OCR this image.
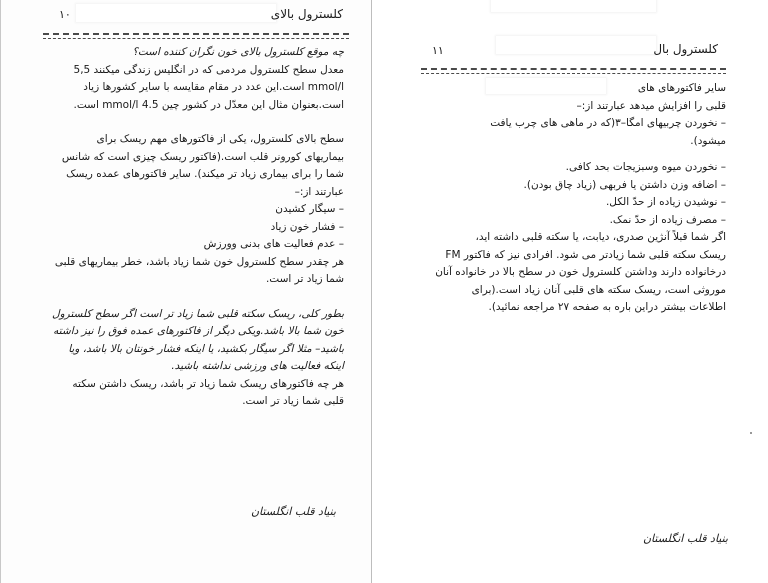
۱۰	کلسترول بالای

چه موقع کلسترول بالای خون نگران کننده است؟

معدل سطح کلسترول مردمی که در انگلیس زندگی میکنند 5,5

mmol/l است.این عدد در مقام مقایسه با سایر کشورها زیاد

است.بعنوان مثال این معدّل در کشور چین 4.5 mmol/l است.

سطح بالای کلسترول، یکی از فاکتورهای مهم ریسک برای

بیماریهای کورونر قلب است.(فاکتور ریسک چیزی است که شانس

شما را برای بیماری زیاد تر میکند). سایر فاکتورهای عمده ریسک

عبارتند از:–

– سیگار کشیدن

– فشار خون زیاد

– عدم فعالیت های بدنی وورزش

هر چقدر سطح کلسترول خون شما زیاد باشد، خطر بیماریهای قلبی

شما زیاد تر است.

بطور کلی، ریسک سکته قلبی شما زیاد تر است اگر سطح کلسترول

خون شما بالا باشد.ویکی دیگر از فاکتورهای عمده فوق را نیز داشته

باشید– مثلا اگر سیگار بکشید، یا اینکه فشار خونتان بالا باشد، ویا

اینکه فعالیت های ورزشی نداشته باشید.

هر چه فاکتورهای ریسک شما زیاد تر باشد، ریسک داشتن سکته

قلبی شما زیاد تر است.

بنیاد قلب انگلستان
۱۱	کلسترول بال

سایر فاکتورهای های

قلبی را افزایش میدهد عبارتند از:–

– نخوردن چربیهای امگا–۳(که در ماهی های چرب یافت

میشود).

– نخوردن میوه وسبزیجات بحد کافی.

– اضافه وزن داشتن یا فربهی (زیاد چاق بودن).

– نوشیدن زیاده از حدّ الکل.

– مصرف زیاده از حدّ نمک.

اگر شما قبلاً آنژین صدری، دیابت، یا سکته قلبی داشته اید،

ریسک سکته قلبی شما زیادتر می شود. افرادی نیز که فاکتور FM

درخانواده دارند وداشتن کلسترول خون در سطح بالا در خانواده آنان

موروثی است، ریسک سکته های قلبی آنان زیاد است.(برای

اطلاعات بیشتر دراین باره به صفحه ۲۷ مراجعه نمائید).

بنیاد قلب انگلستان
